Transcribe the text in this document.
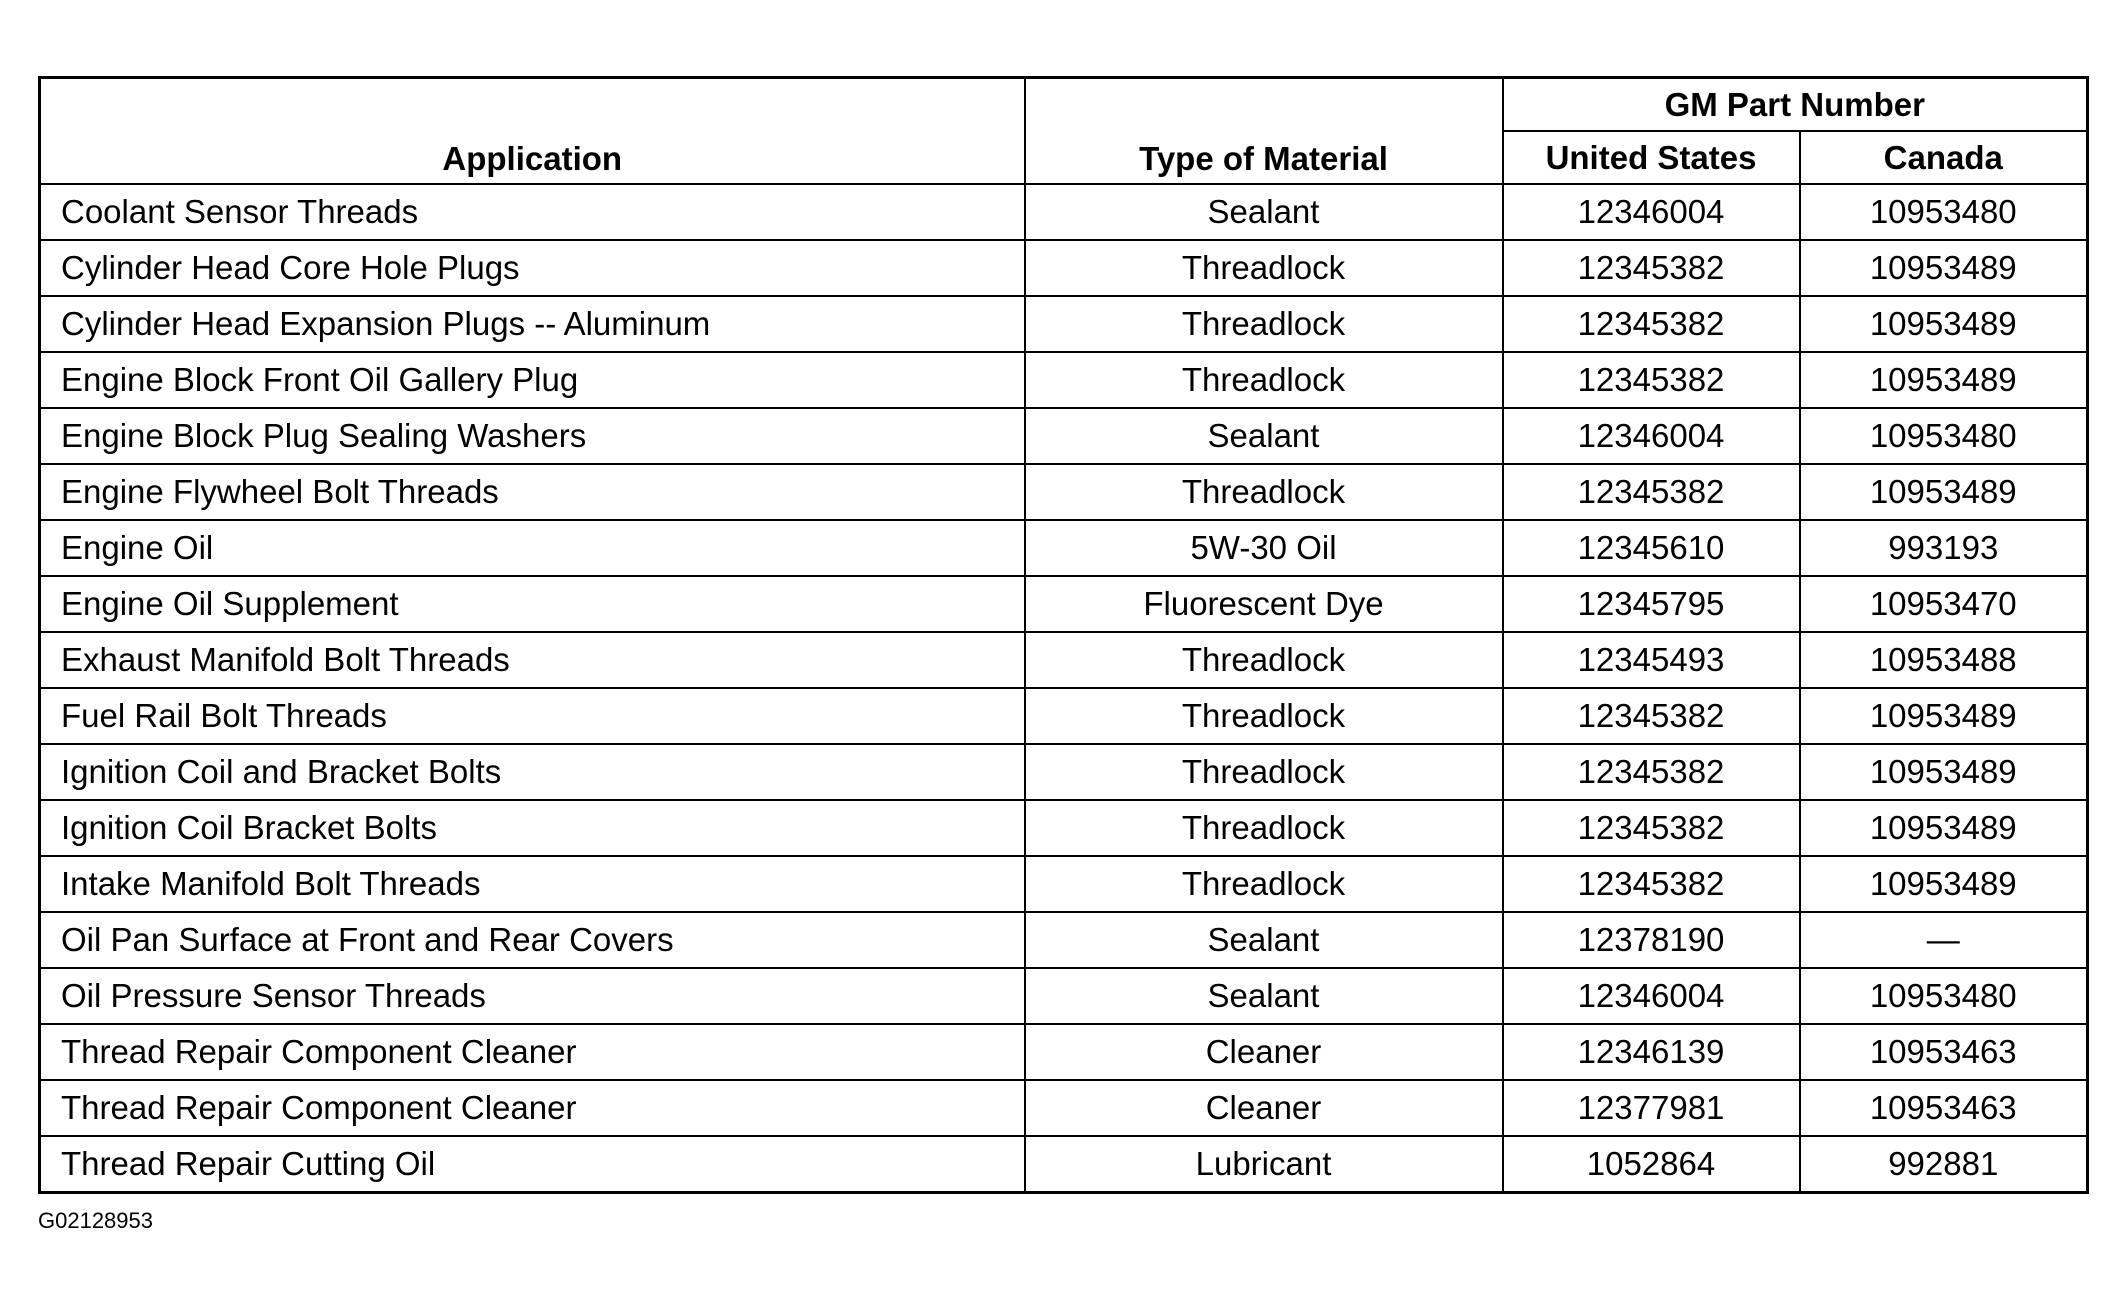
Application	Type of Material	GM Part Number	
		United States	Canada
Coolant Sensor Threads	Sealant	12346004	10953480
Cylinder Head Core Hole Plugs	Threadlock	12345382	10953489
Cylinder Head Expansion Plugs -- Aluminum	Threadlock	12345382	10953489
Engine Block Front Oil Gallery Plug	Threadlock	12345382	10953489
Engine Block Plug Sealing Washers	Sealant	12346004	10953480
Engine Flywheel Bolt Threads	Threadlock	12345382	10953489
Engine Oil	5W-30 Oil	12345610	993193
Engine Oil Supplement	Fluorescent Dye	12345795	10953470
Exhaust Manifold Bolt Threads	Threadlock	12345493	10953488
Fuel Rail Bolt Threads	Threadlock	12345382	10953489
Ignition Coil and Bracket Bolts	Threadlock	12345382	10953489
Ignition Coil Bracket Bolts	Threadlock	12345382	10953489
Intake Manifold Bolt Threads	Threadlock	12345382	10953489
Oil Pan Surface at Front and Rear Covers	Sealant	12378190	—
Oil Pressure Sensor Threads	Sealant	12346004	10953480
Thread Repair Component Cleaner	Cleaner	12346139	10953463
Thread Repair Component Cleaner	Cleaner	12377981	10953463
Thread Repair Cutting Oil	Lubricant	1052864	992881
G02128953
